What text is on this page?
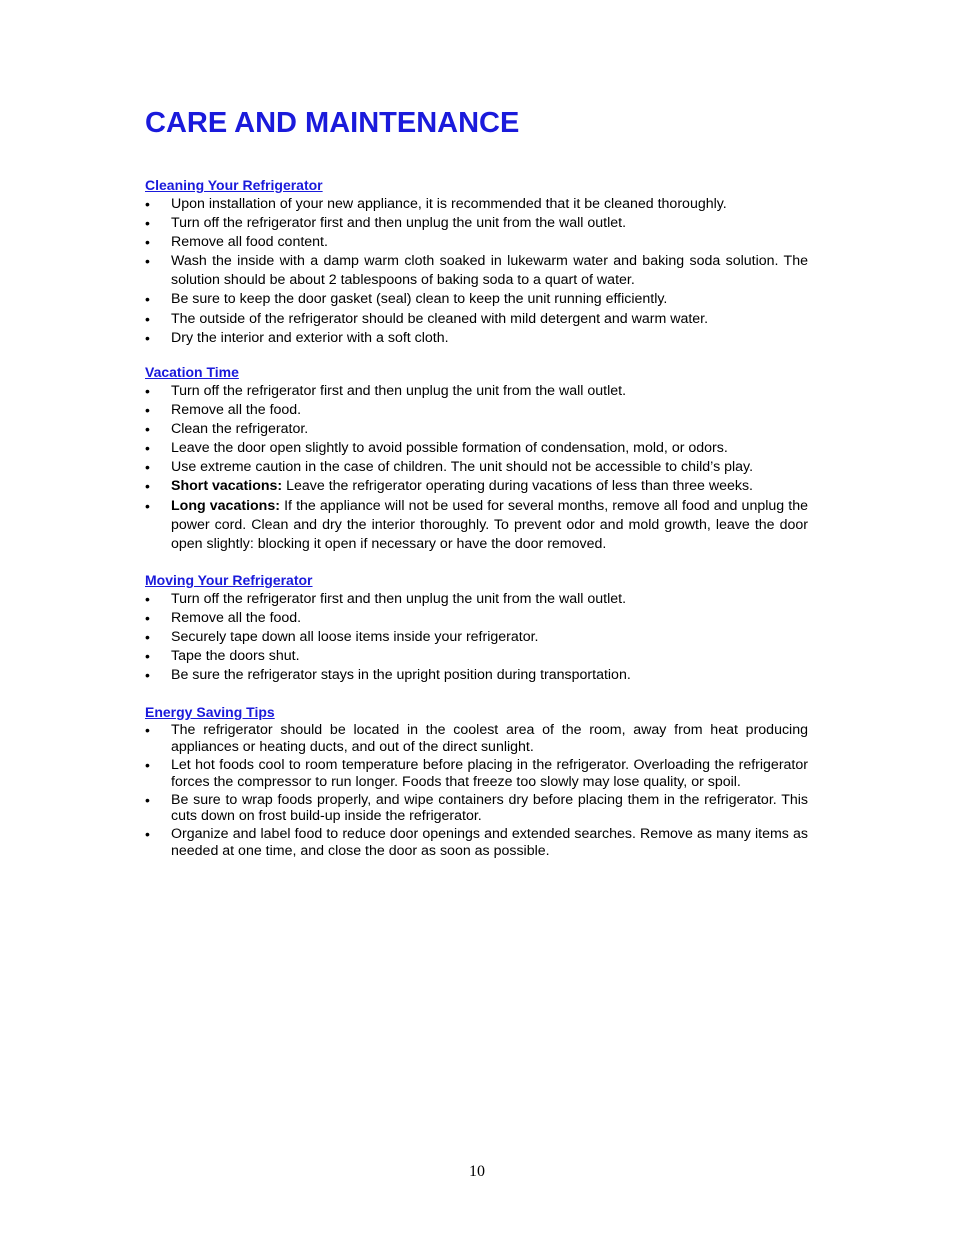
CARE AND MAINTENANCE
Cleaning Your Refrigerator
• Upon installation of your new appliance, it is recommended that it be cleaned thoroughly.
• Turn off the refrigerator first and then unplug the unit from the wall outlet.
• Remove all food content.
• Wash the inside with a damp warm cloth soaked in lukewarm water and baking soda solution. The solution should be about 2 tablespoons of baking soda to a quart of water.
• Be sure to keep the door gasket (seal) clean to keep the unit running efficiently.
• The outside of the refrigerator should be cleaned with mild detergent and warm water.
• Dry the interior and exterior with a soft cloth.
Vacation Time
• Turn off the refrigerator first and then unplug the unit from the wall outlet.
• Remove all the food.
• Clean the refrigerator.
• Leave the door open slightly to avoid possible formation of condensation, mold, or odors.
• Use extreme caution in the case of children. The unit should not be accessible to child’s play.
• Short vacations: Leave the refrigerator operating during vacations of less than three weeks.
• Long vacations: If the appliance will not be used for several months, remove all food and unplug the power cord. Clean and dry the interior thoroughly. To prevent odor and mold growth, leave the door open slightly: blocking it open if necessary or have the door removed.
Moving Your Refrigerator
• Turn off the refrigerator first and then unplug the unit from the wall outlet.
• Remove all the food.
• Securely tape down all loose items inside your refrigerator.
• Tape the doors shut.
• Be sure the refrigerator stays in the upright position during transportation.
Energy Saving Tips
• The refrigerator should be located in the coolest area of the room, away from heat producing appliances or heating ducts, and out of the direct sunlight.
• Let hot foods cool to room temperature before placing in the refrigerator. Overloading the refrigerator forces the compressor to run longer. Foods that freeze too slowly may lose quality, or spoil.
• Be sure to wrap foods properly, and wipe containers dry before placing them in the refrigerator. This cuts down on frost build-up inside the refrigerator.
• Organize and label food to reduce door openings and extended searches. Remove as many items as needed at one time, and close the door as soon as possible.
10
